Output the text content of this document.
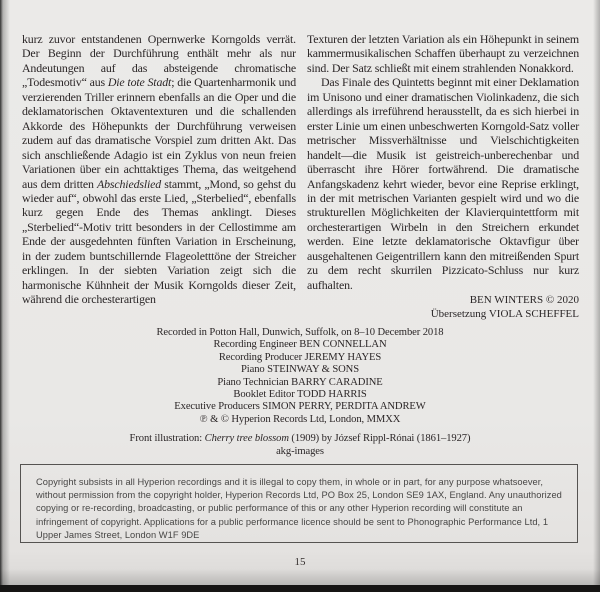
kurz zuvor entstandenen Opernwerke Korngolds verrät. Der Beginn der Durchführung enthält mehr als nur Andeutungen auf das absteigende chromatische „Todesmotiv“ aus Die tote Stadt; die Quartenharmonik und verzierenden Triller erinnern ebenfalls an die Oper und die deklamatorischen Oktaventexturen und die schallenden Akkorde des Höhepunkts der Durchführung verweisen zudem auf das dramatische Vorspiel zum dritten Akt. Das sich anschließende Adagio ist ein Zyklus von neun freien Variationen über ein achttaktiges Thema, das weitgehend aus dem dritten Abschiedslied stammt, „Mond, so gehst du wieder auf“, obwohl das erste Lied, „Sterbelied“, ebenfalls kurz gegen Ende des Themas anklingt. Dieses „Sterbelied“-Motiv tritt besonders in der Cellostimme am Ende der ausgedehnten fünften Variation in Erscheinung, in der zudem buntschillernde Flageoletttöne der Streicher erklingen. In der siebten Variation zeigt sich die harmonische Kühnheit der Musik Korngolds dieser Zeit, während die orchesterartigen

Texturen der letzten Variation als ein Höhepunkt in seinem kammermusikalischen Schaffen überhaupt zu verzeichnen sind. Der Satz schließt mit einem strahlenden Nonakkord.

Das Finale des Quintetts beginnt mit einer Deklamation im Unisono und einer dramatischen Violinkadenz, die sich allerdings als irreführend herausstellt, da es sich hierbei in erster Linie um einen unbeschwerten Korngold-Satz voller metrischer Missverhältnisse und Vielschichtigkeiten handelt—die Musik ist geistreich-unberechenbar und überrascht ihre Hörer fortwährend. Die dramatische Anfangskadenz kehrt wieder, bevor eine Reprise erklingt, in der mit metrischen Varianten gespielt wird und wo die strukturellen Möglichkeiten der Klavierquintettform mit orchesterartigen Wirbeln in den Streichern erkundet werden. Eine letzte deklamatorische Oktavfigur über ausgehaltenen Geigentrillern kann den mitreißenden Spurt zu dem recht skurrilen Pizzicato-Schluss nur kurz aufhalten.

BEN WINTERS © 2020

Übersetzung VIOLA SCHEFFEL

Recorded in Potton Hall, Dunwich, Suffolk, on 8–10 December 2018

Recording Engineer BEN CONNELLAN

Recording Producer JEREMY HAYES

Piano STEINWAY & SONS

Piano Technician BARRY CARADINE

Booklet Editor TODD HARRIS

Executive Producers SIMON PERRY, PERDITA ANDREW

℗ & © Hyperion Records Ltd, London, MMXX

Front illustration: Cherry tree blossom (1909) by József Rippl-Rónai (1861–1927)

akg-images

Copyright subsists in all Hyperion recordings and it is illegal to copy them, in whole or in part, for any purpose whatsoever, without permission from the copyright holder, Hyperion Records Ltd, PO Box 25, London SE9 1AX, England. Any unauthorized copying or re-recording, broadcasting, or public performance of this or any other Hyperion recording will constitute an infringement of copyright. Applications for a public performance licence should be sent to Phonographic Performance Ltd, 1 Upper James Street, London W1F 9DE

15
